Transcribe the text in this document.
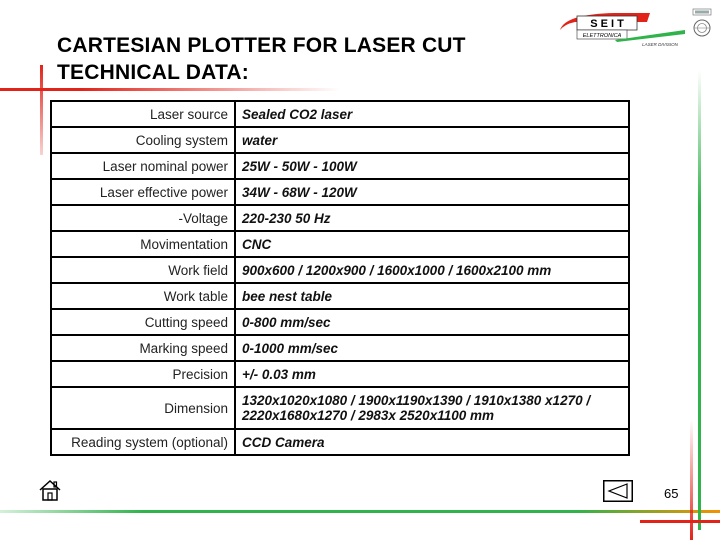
CARTESIAN PLOTTER FOR LASER CUT
TECHNICAL DATA:
S E I T
ELETTRONICA
LASER DIVISION
Laser source	Sealed CO2 laser
Cooling system	water
Laser nominal power	25W - 50W - 100W
Laser effective power	34W - 68W - 120W
-Voltage	220-230 50 Hz
Movimentation	CNC
Work field	900x600 / 1200x900 / 1600x1000 / 1600x2100 mm
Work table	bee nest table
Cutting speed	0-800 mm/sec
Marking speed	0-1000 mm/sec
Precision	+/- 0.03 mm
Dimension	1320x1020x1080 / 1900x1190x1390 / 1910x1380 x1270 / 2220x1680x1270 / 2983x 2520x1100 mm
Reading system (optional)	CCD Camera
65
